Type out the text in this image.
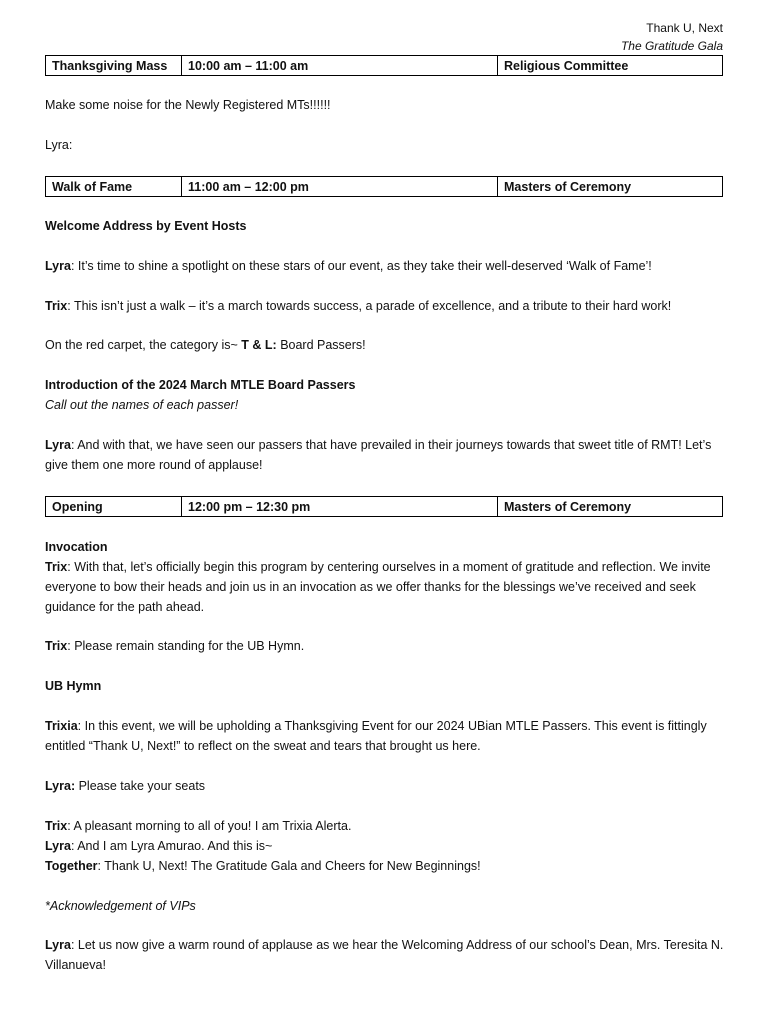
Thank U, Next
The Gratitude Gala
Thanksgiving Mass	10:00 am – 11:00 am	Religious Committee

Make some noise for the Newly Registered MTs!!!!!!

Lyra:

Walk of Fame	11:00 am – 12:00 pm	Masters of Ceremony

Welcome Address by Event Hosts

Lyra: It’s time to shine a spotlight on these stars of our event, as they take their well-deserved ‘Walk of Fame’!

Trix: This isn’t just a walk – it’s a march towards success, a parade of excellence, and a tribute to their hard work!

On the red carpet, the category is~ T & L: Board Passers!

Introduction of the 2024 March MTLE Board Passers

Call out the names of each passer!

Lyra: And with that, we have seen our passers that have prevailed in their journeys towards that sweet title of RMT! Let’s give them one more round of applause!

Opening	12:00 pm – 12:30 pm	Masters of Ceremony

Invocation

Trix: With that, let’s officially begin this program by centering ourselves in a moment of gratitude and reflection. We invite everyone to bow their heads and join us in an invocation as we offer thanks for the blessings we’ve received and seek guidance for the path ahead.

Trix: Please remain standing for the UB Hymn.

UB Hymn

Trixia: In this event, we will be upholding a Thanksgiving Event for our 2024 UBian MTLE Passers. This event is fittingly entitled “Thank U, Next!” to reflect on the sweat and tears that brought us here.

Lyra: Please take your seats

Trix: A pleasant morning to all of you! I am Trixia Alerta.

Lyra: And I am Lyra Amurao. And this is~

Together: Thank U, Next! The Gratitude Gala and Cheers for New Beginnings!

*Acknowledgement of VIPs

Lyra: Let us now give a warm round of applause as we hear the Welcoming Address of our school’s Dean, Mrs. Teresita N. Villanueva!
